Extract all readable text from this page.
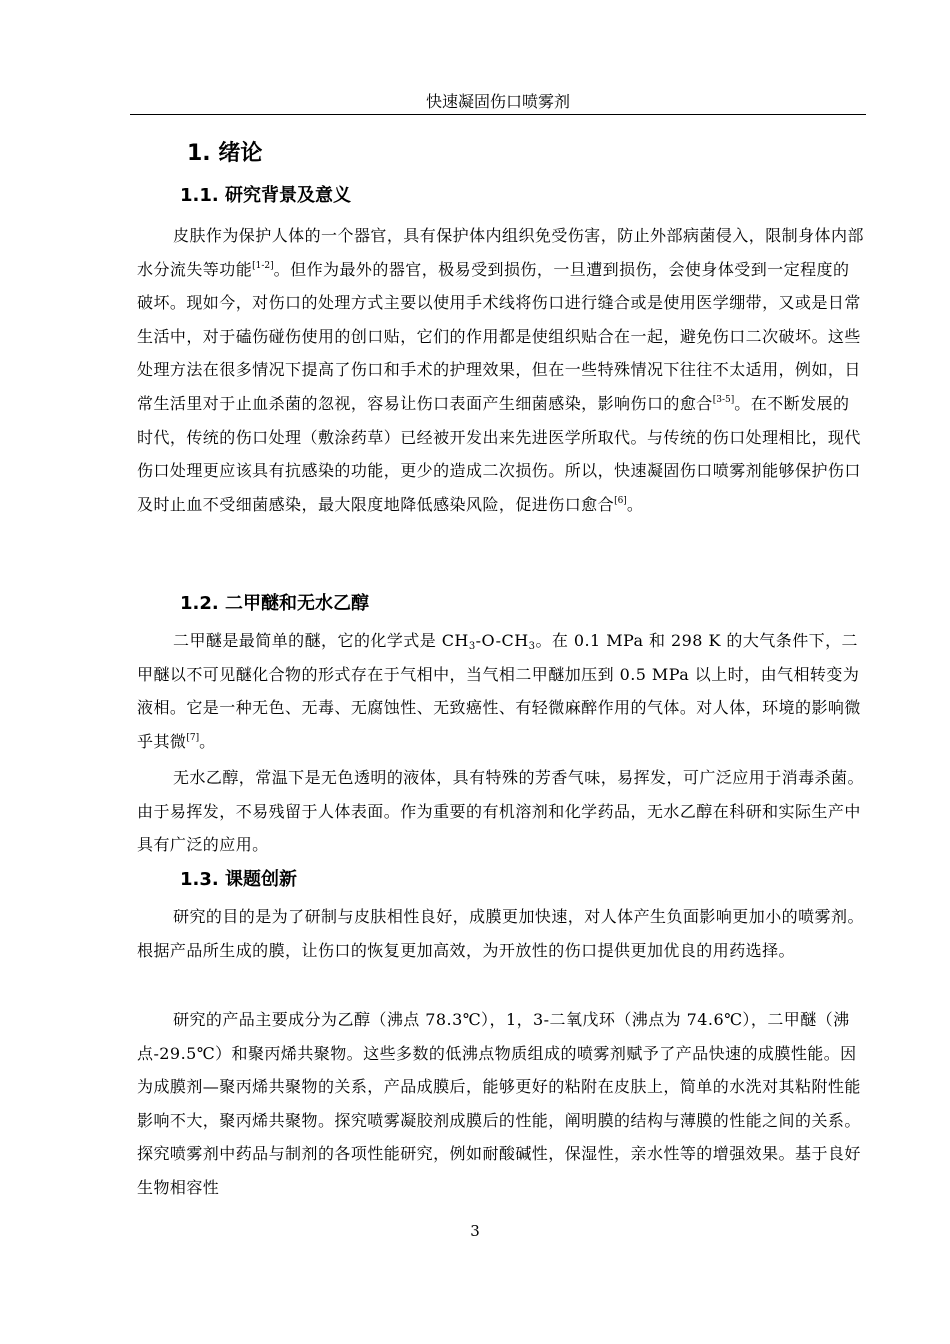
快速凝固伤口喷雾剂
1. 绪论
1.1. 研究背景及意义
皮肤作为保护人体的一个器官，具有保护体内组织免受伤害，防止外部病菌侵入，限制身体内部水分流失等功能[1-2]。但作为最外的器官，极易受到损伤，一旦遭到损伤，会使身体受到一定程度的破坏。现如今，对伤口的处理方式主要以使用手术线将伤口进行缝合或是使用医学绷带，又或是日常生活中，对于磕伤碰伤使用的创口贴，它们的作用都是使组织贴合在一起，避免伤口二次破坏。这些处理方法在很多情况下提高了伤口和手术的护理效果，但在一些特殊情况下往往不太适用，例如，日常生活里对于止血杀菌的忽视，容易让伤口表面产生细菌感染，影响伤口的愈合[3-5]。在不断发展的时代，传统的伤口处理（敷涂药草）已经被开发出来先进医学所取代。与传统的伤口处理相比，现代伤口处理更应该具有抗感染的功能，更少的造成二次损伤。所以，快速凝固伤口喷雾剂能够保护伤口及时止血不受细菌感染，最大限度地降低感染风险，促进伤口愈合[6]。
1.2. 二甲醚和无水乙醇
二甲醚是最简单的醚，它的化学式是 $CH_3-O-CH_3$。在 0.1 MPa 和 298 K 的大气条件下，二甲醚以不可见醚化合物的形式存在于气相中，当气相二甲醚加压到 0.5 MPa 以上时，由气相转变为液相。它是一种无色、无毒、无腐蚀性、无致癌性、有轻微麻醉作用的气体。对人体，环境的影响微乎其微[7]。
无水乙醇，常温下是无色透明的液体，具有特殊的芳香气味，易挥发，可广泛应用于消毒杀菌。由于易挥发，不易残留于人体表面。作为重要的有机溶剂和化学药品，无水乙醇在科研和实际生产中具有广泛的应用。
1.3. 课题创新
研究的目的是为了研制与皮肤相性良好，成膜更加快速，对人体产生负面影响更加小的喷雾剂。根据产品所生成的膜，让伤口的恢复更加高效，为开放性的伤口提供更加优良的用药选择。
研究的产品主要成分为乙醇（沸点 78.3℃），1，3-二氧戊环（沸点为 74.6℃），二甲醚（沸点-29.5℃）和聚丙烯共聚物。这些多数的低沸点物质组成的喷雾剂赋予了产品快速的成膜性能。因为成膜剂—聚丙烯共聚物的关系，产品成膜后，能够更好的粘附在皮肤上，简单的水洗对其粘附性能影响不大，聚丙烯共聚物。探究喷雾凝胶剂成膜后的性能，阐明膜的结构与薄膜的性能之间的关系。探究喷雾剂中药品与制剂的各项性能研究，例如耐酸碱性，保湿性，亲水性等的增强效果。基于良好生物相容性
3
